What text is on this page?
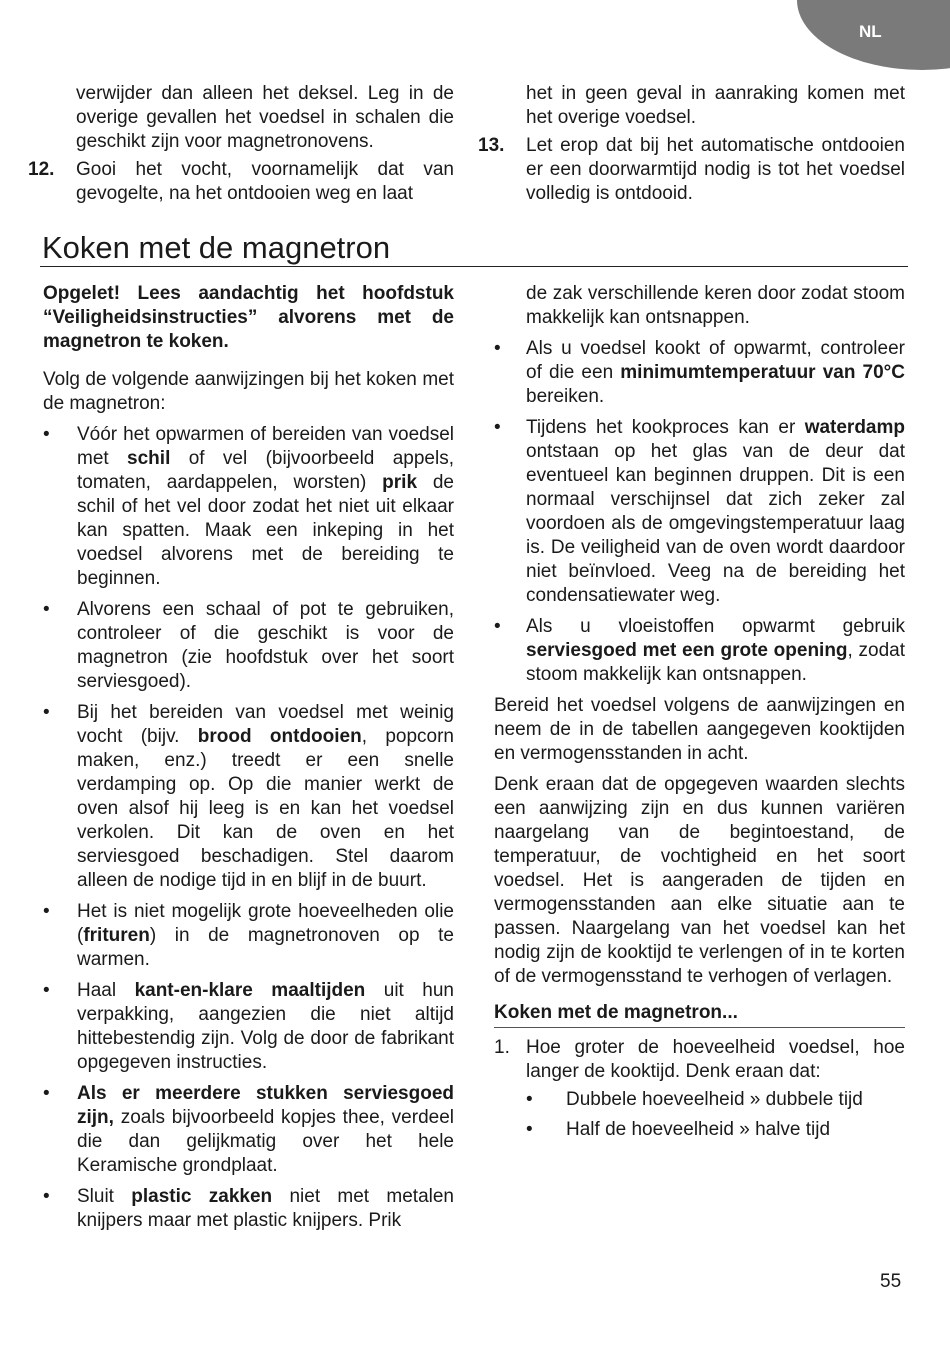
NL

verwijder dan alleen het deksel. Leg in de overige gevallen het voedsel in schalen die geschikt zijn voor magnetronovens.

12. Gooi het vocht, voornamelijk dat van gevogelte, na het ontdooien weg en laat

het in geen geval in aanraking komen met het overige voedsel.

13. Let erop dat bij het automatische ontdooien er een doorwarmtijd nodig is tot het voedsel volledig is ontdooid.
Koken met de magnetron

Opgelet! Lees aandachtig het hoofdstuk “Veiligheidsinstructies” alvorens met de magnetron te koken.

Volg de volgende aanwijzingen bij het koken met de magnetron:

• Vóór het opwarmen of bereiden van voedsel met schil of vel (bijvoorbeeld appels, tomaten, aardappelen, worsten) prik de schil of het vel door zodat het niet uit elkaar kan spatten. Maak een inkeping in het voedsel alvorens met de bereiding te beginnen.
• Alvorens een schaal of pot te gebruiken, controleer of die geschikt is voor de magnetron (zie hoofdstuk over het soort serviesgoed).
• Bij het bereiden van voedsel met weinig vocht (bijv. brood ontdooien, popcorn maken, enz.) treedt er een snelle verdamping op. Op die manier werkt de oven alsof hij leeg is en kan het voedsel verkolen. Dit kan de oven en het serviesgoed beschadigen. Stel daarom alleen de nodige tijd in en blijf in de buurt.
• Het is niet mogelijk grote hoeveelheden olie (frituren) in de magnetronoven op te warmen.
• Haal kant-en-klare maaltijden uit hun verpakking, aangezien die niet altijd hittebestendig zijn. Volg de door de fabrikant opgegeven instructies.
• Als er meerdere stukken serviesgoed zijn, zoals bijvoorbeeld kopjes thee, verdeel die dan gelijkmatig over het hele Keramische grondplaat.
• Sluit plastic zakken niet met metalen knijpers maar met plastic knijpers. Prik

de zak verschillende keren door zodat stoom makkelijk kan ontsnappen.

• Als u voedsel kookt of opwarmt, controleer of die een minimumtemperatuur van 70°C bereiken.
• Tijdens het kookproces kan er waterdamp ontstaan op het glas van de deur dat eventueel kan beginnen druppen. Dit is een normaal verschijnsel dat zich zeker zal voordoen als de omgevingstemperatuur laag is. De veiligheid van de oven wordt daardoor niet beïnvloed. Veeg na de bereiding het condensatiewater weg.
• Als u vloeistoffen opwarmt gebruik serviesgoed met een grote opening, zodat stoom makkelijk kan ontsnappen.

Bereid het voedsel volgens de aanwijzingen en neem de in de tabellen aangegeven kooktijden en vermogensstanden in acht.

Denk eraan dat de opgegeven waarden slechts een aanwijzing zijn en dus kunnen variëren naargelang van de begintoestand, de temperatuur, de vochtigheid en het soort voedsel. Het is aangeraden de tijden en vermogensstanden aan elke situatie aan te passen. Naargelang van het voedsel kan het nodig zijn de kooktijd te verlengen of in te korten of de vermogensstand te verhogen of verlagen.

Koken met de magnetron...
1. Hoe groter de hoeveelheid voedsel, hoe langer de kooktijd. Denk eraan dat:
• Dubbele hoeveelheid » dubbele tijd
• Half de hoeveelheid » halve tijd
55
